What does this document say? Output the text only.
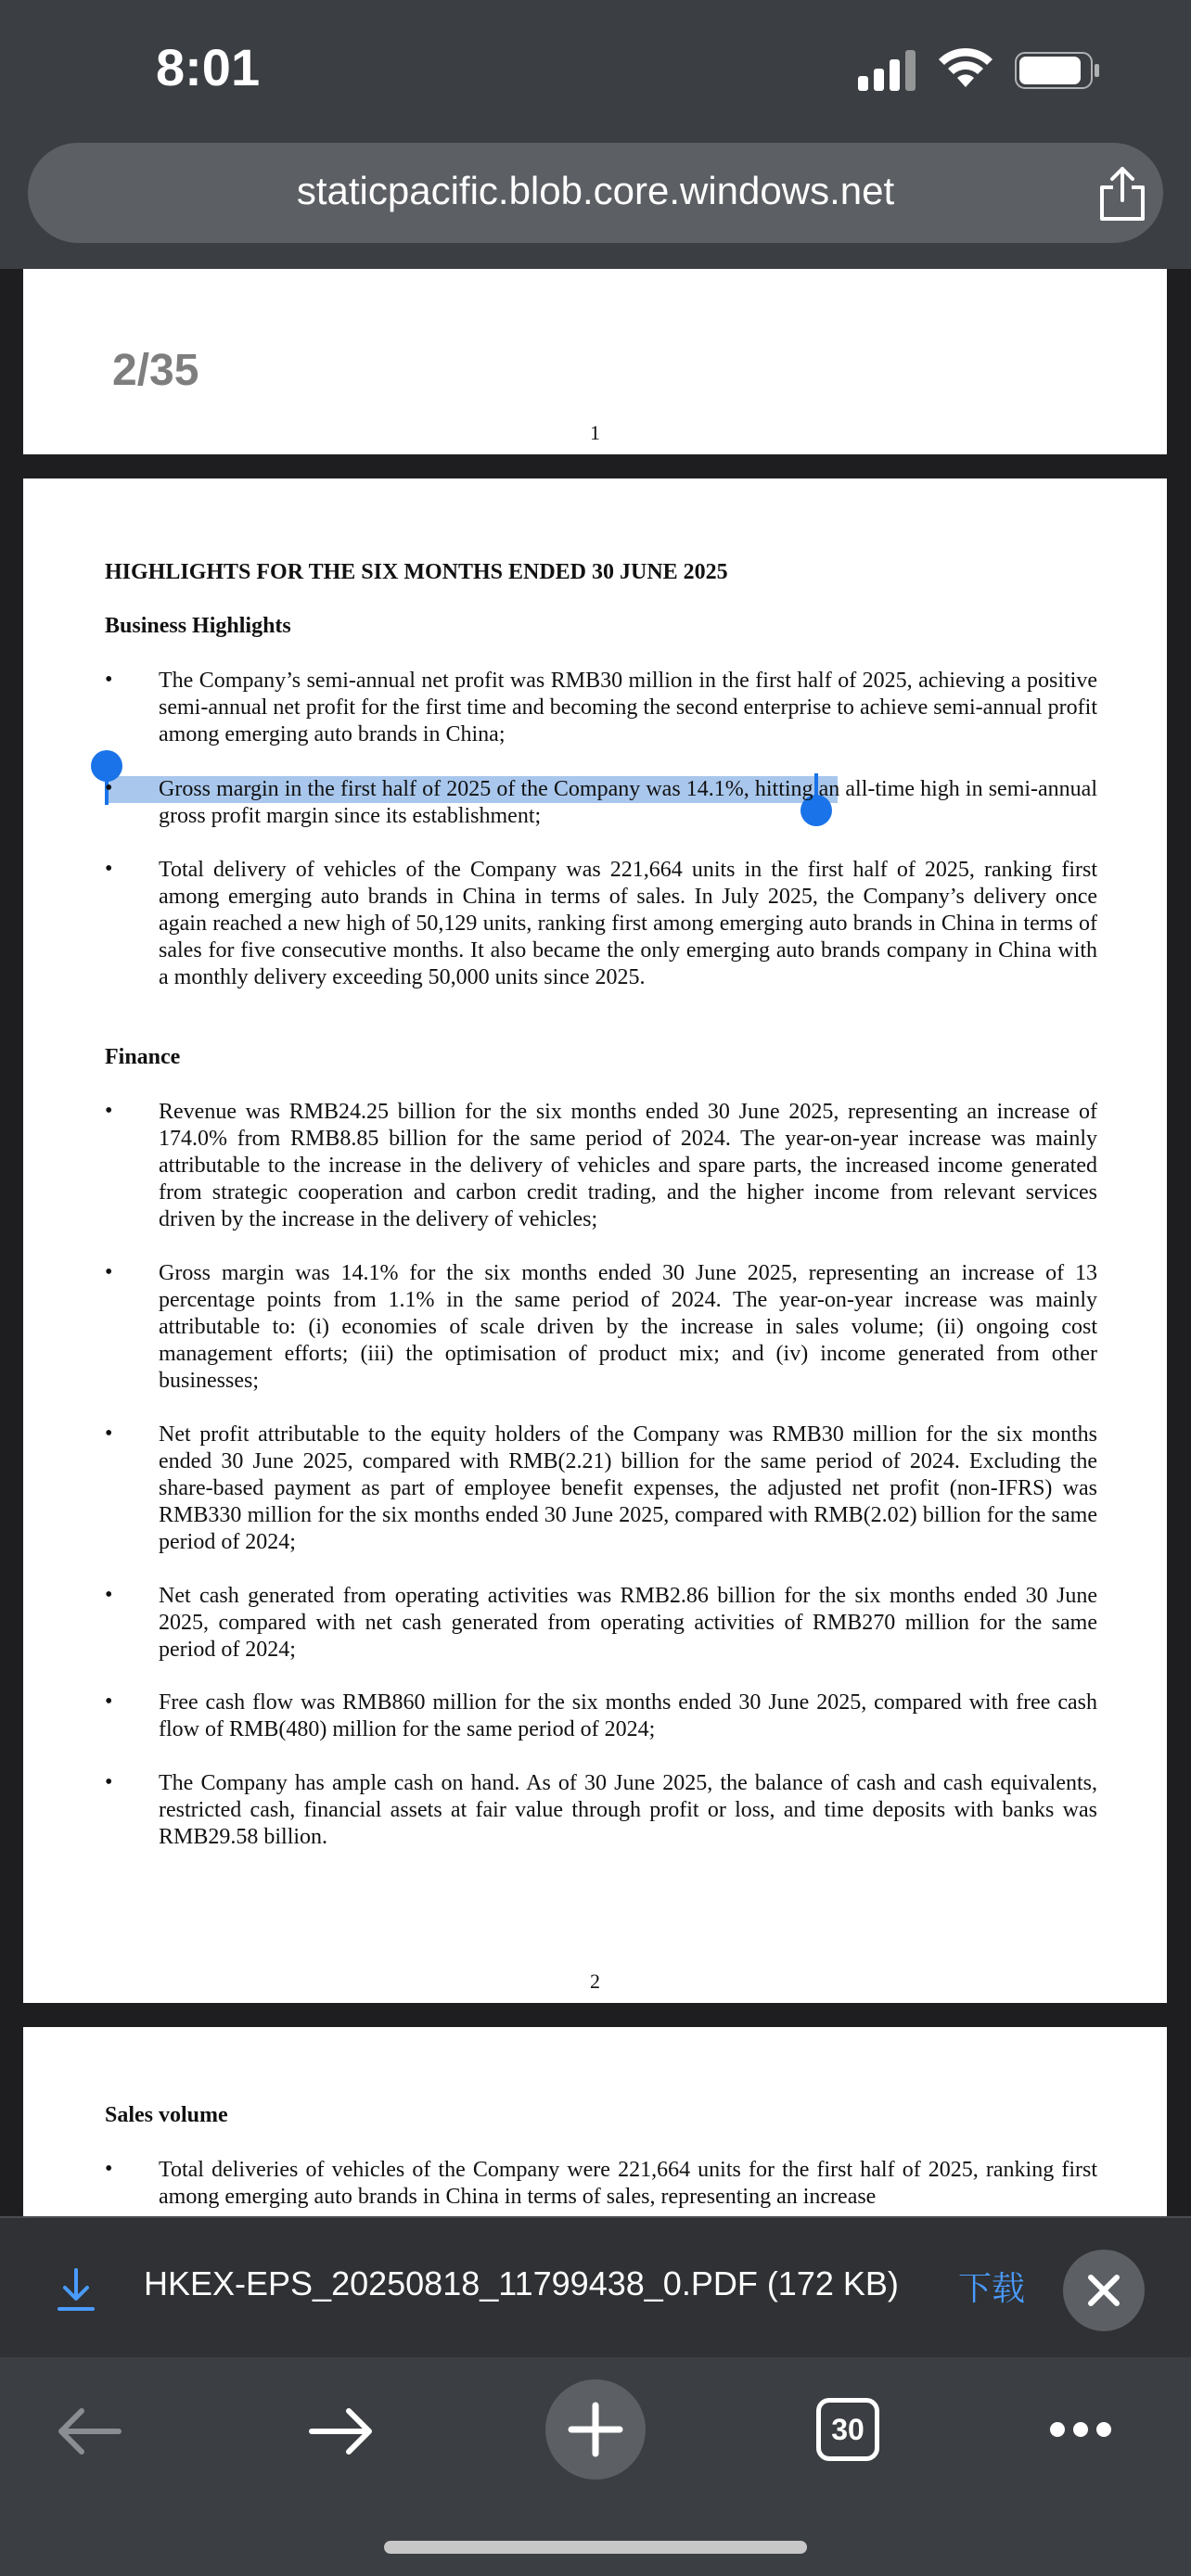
8:01
staticpacific.blob.core.windows.net
2/35
1
HIGHLIGHTS FOR THE SIX MONTHS ENDED 30 JUNE 2025
Business Highlights
• The Company’s semi-annual net profit was RMB30 million in the first half of 2025, achieving a positive semi-annual net profit for the first time and becoming the second enterprise to achieve semi-annual profit among emerging auto brands in China;
• Gross margin in the first half of 2025 of the Company was 14.1%, hitting an all-time high in semi-annual gross profit margin since its establishment;
• Total delivery of vehicles of the Company was 221,664 units in the first half of 2025, ranking first among emerging auto brands in China in terms of sales. In July 2025, the Company’s delivery once again reached a new high of 50,129 units, ranking first among emerging auto brands in China in terms of sales for five consecutive months. It also became the only emerging auto brands company in China with a monthly delivery exceeding 50,000 units since 2025.
Finance
• Revenue was RMB24.25 billion for the six months ended 30 June 2025, representing an increase of 174.0% from RMB8.85 billion for the same period of 2024. The year-on-year increase was mainly attributable to the increase in the delivery of vehicles and spare parts, the increased income generated from strategic cooperation and carbon credit trading, and the higher income from relevant services driven by the increase in the delivery of vehicles;
• Gross margin was 14.1% for the six months ended 30 June 2025, representing an increase of 13 percentage points from 1.1% in the same period of 2024. The year-on-year increase was mainly attributable to: (i) economies of scale driven by the increase in sales volume; (ii) ongoing cost management efforts; (iii) the optimisation of product mix; and (iv) income generated from other businesses;
• Net profit attributable to the equity holders of the Company was RMB30 million for the six months ended 30 June 2025, compared with RMB(2.21) billion for the same period of 2024. Excluding the share-based payment as part of employee benefit expenses, the adjusted net profit (non-IFRS) was RMB330 million for the six months ended 30 June 2025, compared with RMB(2.02) billion for the same period of 2024;
• Net cash generated from operating activities was RMB2.86 billion for the six months ended 30 June 2025, compared with net cash generated from operating activities of RMB270 million for the same period of 2024;
• Free cash flow was RMB860 million for the six months ended 30 June 2025, compared with free cash flow of RMB(480) million for the same period of 2024;
• The Company has ample cash on hand. As of 30 June 2025, the balance of cash and cash equivalents, restricted cash, financial assets at fair value through profit or loss, and time deposits with banks was RMB29.58 billion.
2
Sales volume
• Total deliveries of vehicles of the Company were 221,664 units for the first half of 2025, ranking first among emerging auto brands in China in terms of sales, representing an increase
HKEX-EPS_20250818_11799438_0.PDF (172 KB) 下载
30
